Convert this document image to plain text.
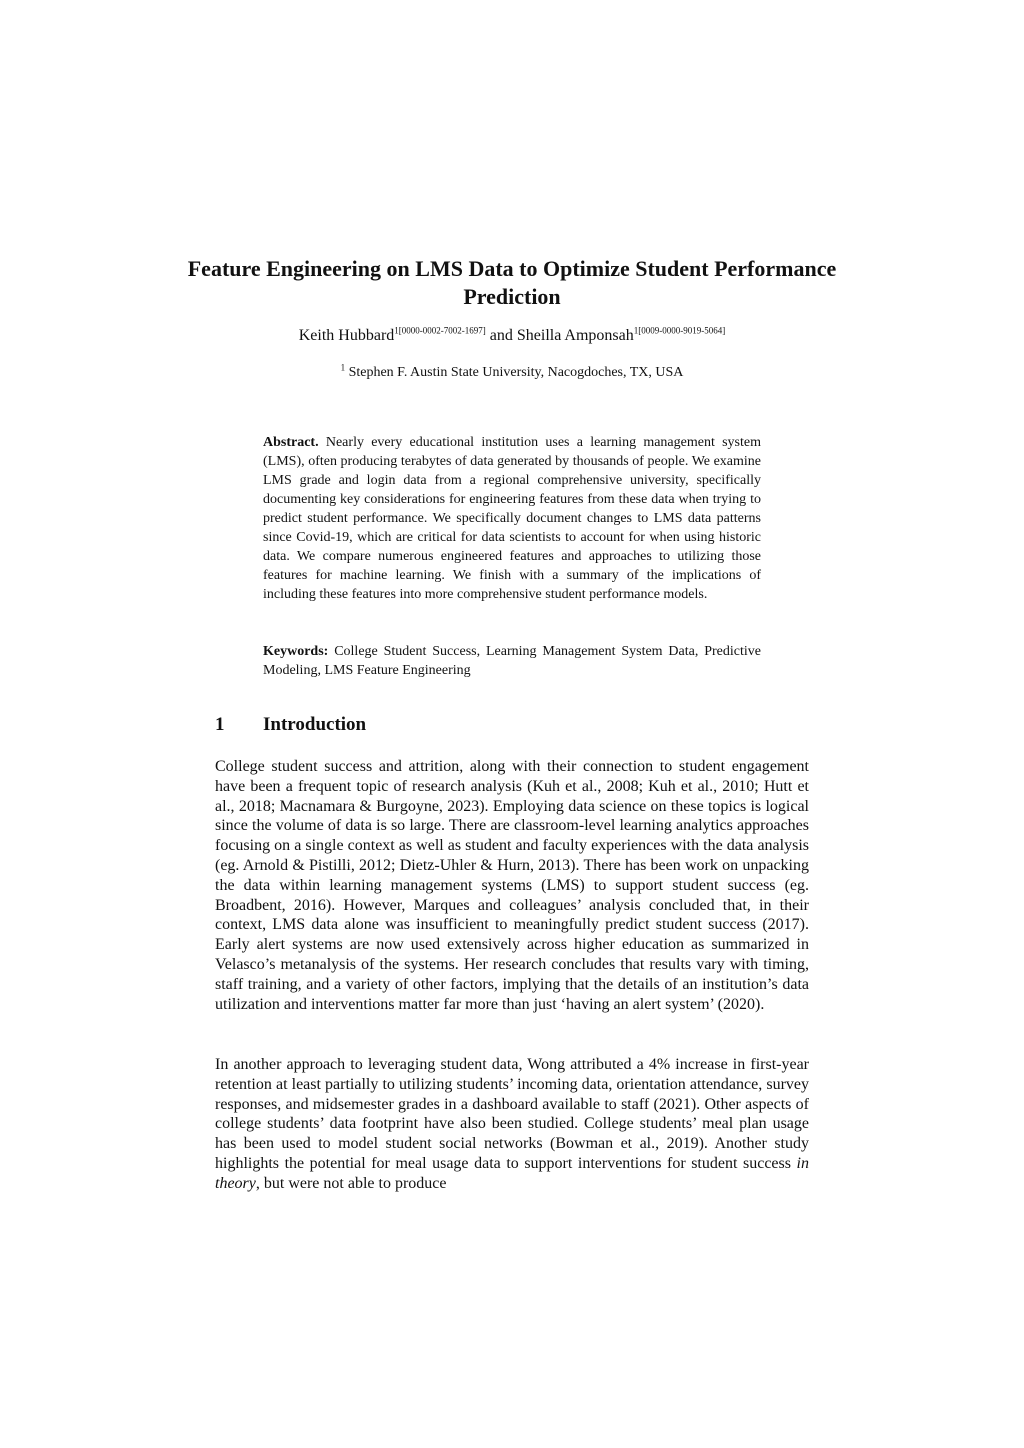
Feature Engineering on LMS Data to Optimize Student Performance Prediction
Keith Hubbard$^{1[0000-0002-7002-1697]}$ and Sheilla Amponsah$^{1[0009-0000-9019-5064]}$
$^1$ Stephen F. Austin State University, Nacogdoches, TX, USA
Abstract. Nearly every educational institution uses a learning management system (LMS), often producing terabytes of data generated by thousands of people. We examine LMS grade and login data from a regional comprehensive university, specifically documenting key considerations for engineering features from these data when trying to predict student performance. We specifically document changes to LMS data patterns since Covid-19, which are critical for data scientists to account for when using historic data. We compare numerous engineered features and approaches to utilizing those features for machine learning. We finish with a summary of the implications of including these features into more comprehensive student performance models.
Keywords: College Student Success, Learning Management System Data, Predictive Modeling, LMS Feature Engineering
1 Introduction
College student success and attrition, along with their connection to student engagement have been a frequent topic of research analysis (Kuh et al., 2008; Kuh et al., 2010; Hutt et al., 2018; Macnamara & Burgoyne, 2023). Employing data science on these topics is logical since the volume of data is so large. There are classroom-level learning analytics approaches focusing on a single context as well as student and faculty experiences with the data analysis (eg. Arnold & Pistilli, 2012; Dietz-Uhler & Hurn, 2013). There has been work on unpacking the data within learning management systems (LMS) to support student success (eg. Broadbent, 2016). However, Marques and colleagues’ analysis concluded that, in their context, LMS data alone was insufficient to meaningfully predict student success (2017). Early alert systems are now used extensively across higher education as summarized in Velasco’s metanalysis of the systems. Her research concludes that results vary with timing, staff training, and a variety of other factors, implying that the details of an institution’s data utilization and interventions matter far more than just ‘having an alert system’ (2020).
In another approach to leveraging student data, Wong attributed a 4% increase in first-year retention at least partially to utilizing students’ incoming data, orientation attendance, survey responses, and midsemester grades in a dashboard available to staff (2021). Other aspects of college students’ data footprint have also been studied. College students’ meal plan usage has been used to model student social networks (Bowman et al., 2019). Another study highlights the potential for meal usage data to support interventions for student success in theory, but were not able to produce
